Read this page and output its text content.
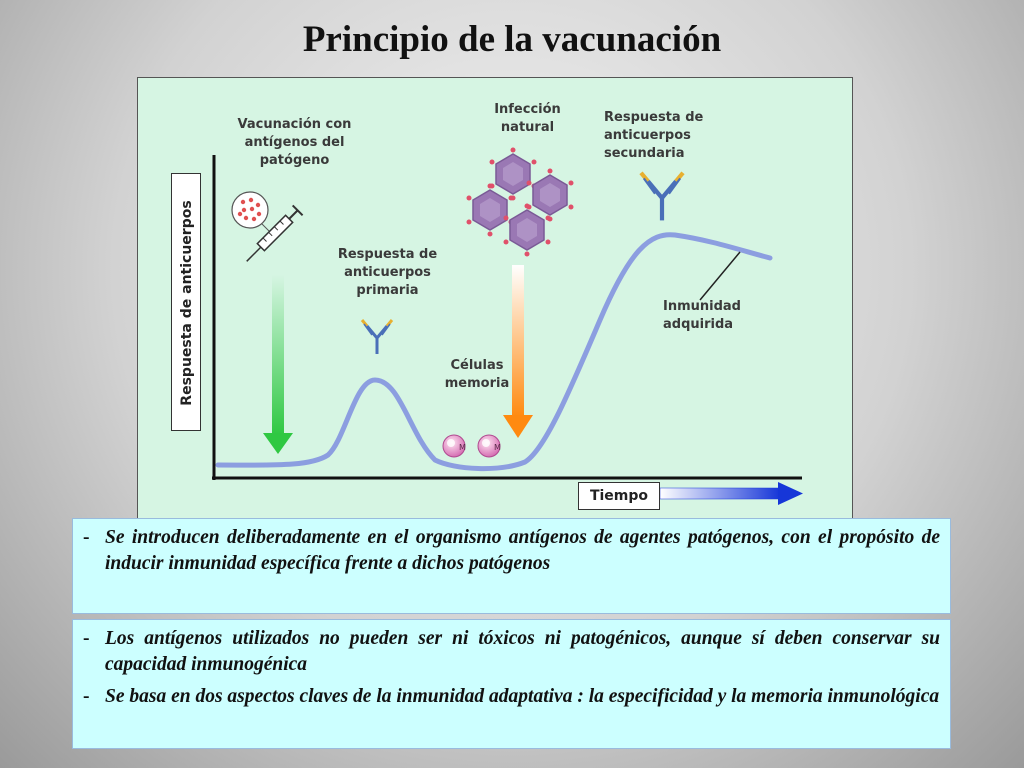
Principio de la vacunación
M	M
Vacunación con antígenos del patógeno
Respuesta de anticuerpos primaria
Infección natural
Respuesta de anticuerpos secundaria
Células memoria
Inmunidad adquirida
Respuesta de anticuerpos
Tiempo
- Se introducen deliberadamente en el organismo antígenos de agentes patógenos, con el propósito de inducir inmunidad específica frente a dichos patógenos
- Los antígenos utilizados no pueden ser ni tóxicos ni patogénicos, aunque sí deben conservar su capacidad inmunogénica
- Se basa en dos aspectos claves de la inmunidad adaptativa : la especificidad y la memoria inmunológica
